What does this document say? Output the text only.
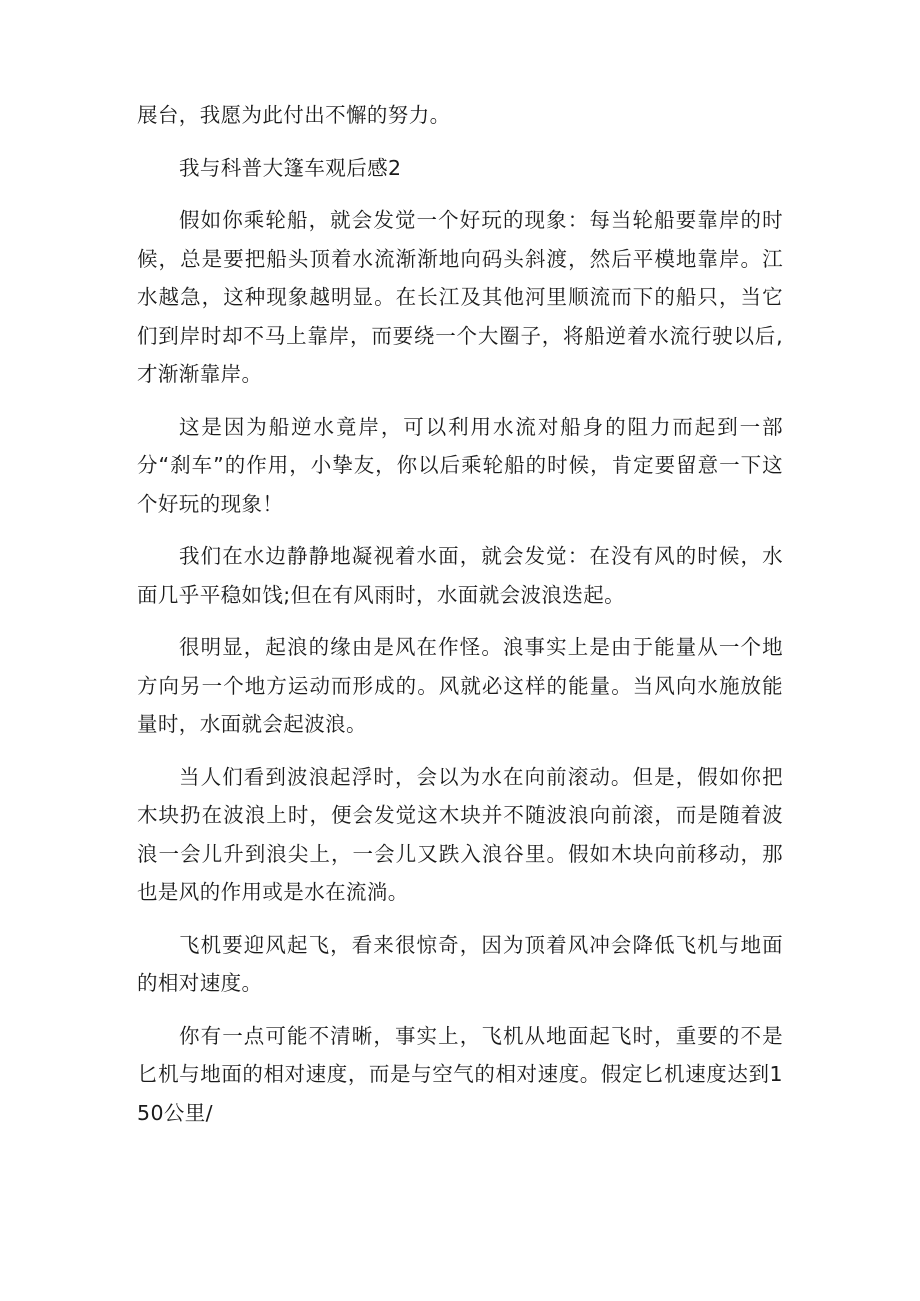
展台，我愿为此付出不懈的努力。

我与科普大篷车观后感2

假如你乘轮船，就会发觉一个好玩的现象：每当轮船要靠岸的时候，总是要把船头顶着水流渐渐地向码头斜渡，然后平模地靠岸。江水越急，这种现象越明显。在长江及其他河里顺流而下的船只，当它们到岸时却不马上靠岸，而要绕一个大圈子，将船逆着水流行驶以后,才渐渐靠岸。

这是因为船逆水竟岸，可以利用水流对船身的阻力而起到一部分“刹车”的作用，小挚友，你以后乘轮船的时候，肯定要留意一下这个好玩的现象！

我们在水边静静地凝视着水面，就会发觉：在没有风的时候，水面几乎平稳如饯;但在有风雨时，水面就会波浪迭起。

很明显，起浪的缘由是风在作怪。浪事实上是由于能量从一个地方向另一个地方运动而形成的。风就必这样的能量。当风向水施放能量时，水面就会起波浪。

当人们看到波浪起浮时，会以为水在向前滚动。但是，假如你把木块扔在波浪上时，便会发觉这木块并不随波浪向前滚，而是随着波浪一会儿升到浪尖上，一会儿又跌入浪谷里。假如木块向前移动，那也是风的作用或是水在流淌。

飞机要迎风起飞，看来很惊奇，因为顶着风冲会降低飞机与地面的相对速度。

你有一点可能不清晰，事实上，飞机从地面起飞时，重要的不是匕机与地面的相对速度，而是与空气的相对速度。假定匕机速度达到150公里/
